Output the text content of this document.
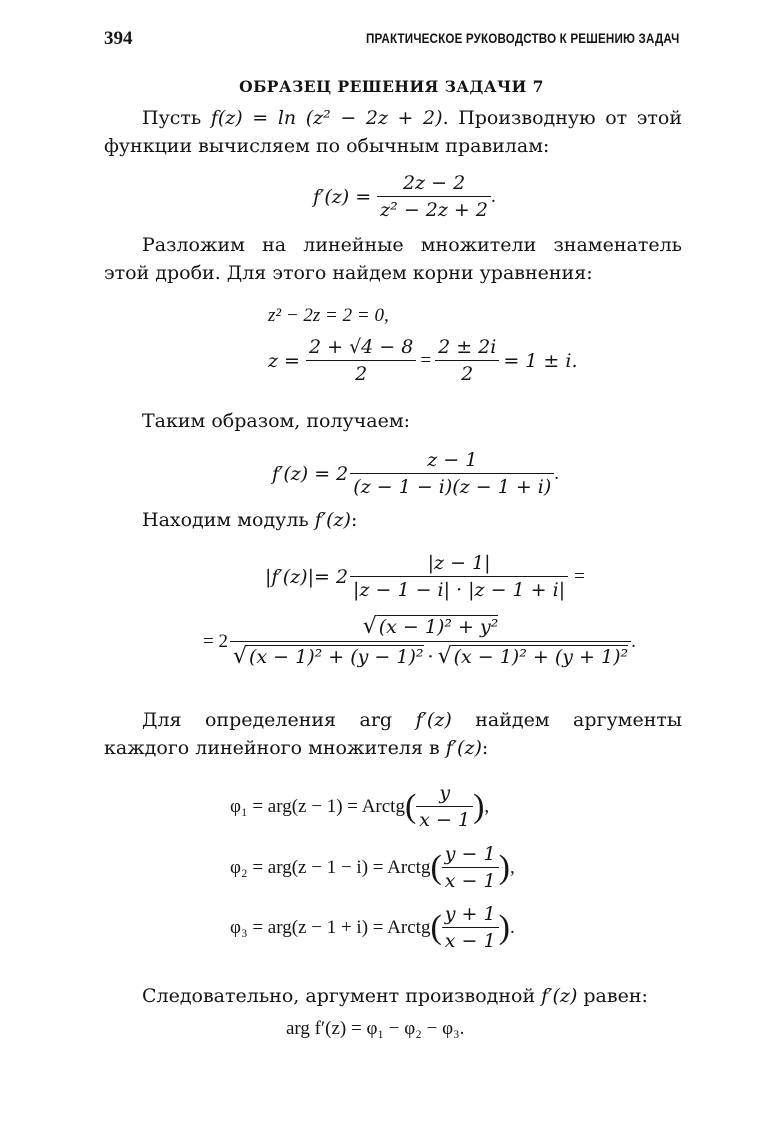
394	ПРАКТИЧЕСКОЕ РУКОВОДСТВО К РЕШЕНИЮ ЗАДАЧ
ОБРАЗЕЦ РЕШЕНИЯ ЗАДАЧИ 7
Пусть f(z) = ln (z² − 2z + 2). Производную от этой функции вычисляем по обычным правилам:
$f'(z) = \frac{2z - 2}{\text{z² − 2z + 2}}$ .
Разложим на линейные множители знаменатель этой дроби. Для этого найдем корни уравнения:
z² − 2z = 2 = 0,
$z = \frac{2 + √4 - 8}{2} = \frac{2 \pm 2i}{2} = 1 \pm i$.
Таким образом, получаем:
$f'(z) = 2 \frac{z - 1}{(z - 1 - i)(z - 1 + i)}$ .
Находим модуль f′(z):
$|f'(z)|= 2 \frac{|z - 1|}{|z - 1 - i| \cdot |z - 1 + i|}$ =
= $2 \frac{\text{√ (x − 1)² + y²}}{\text{√ (x − 1)² + (y − 1)² · √ (x − 1)² + (y + 1)²}}$ .
Для определения arg f′(z) найдем аргументы каждого линейного множителя в f′(z):
φ₁ = arg(z − 1) = Arctg ( $\frac{y}{x - 1}$ ) ,
φ₂ = arg(z − 1 − i) = Arctg ( $\frac{y - 1}{x - 1}$ ) ,
φ₃ = arg(z − 1 + i) = Arctg ( $\frac{y + 1}{x - 1}$ ) .
Следовательно, аргумент производной f′(z) равен:
arg f′(z) = φ₁ − φ₂ − φ₃.
